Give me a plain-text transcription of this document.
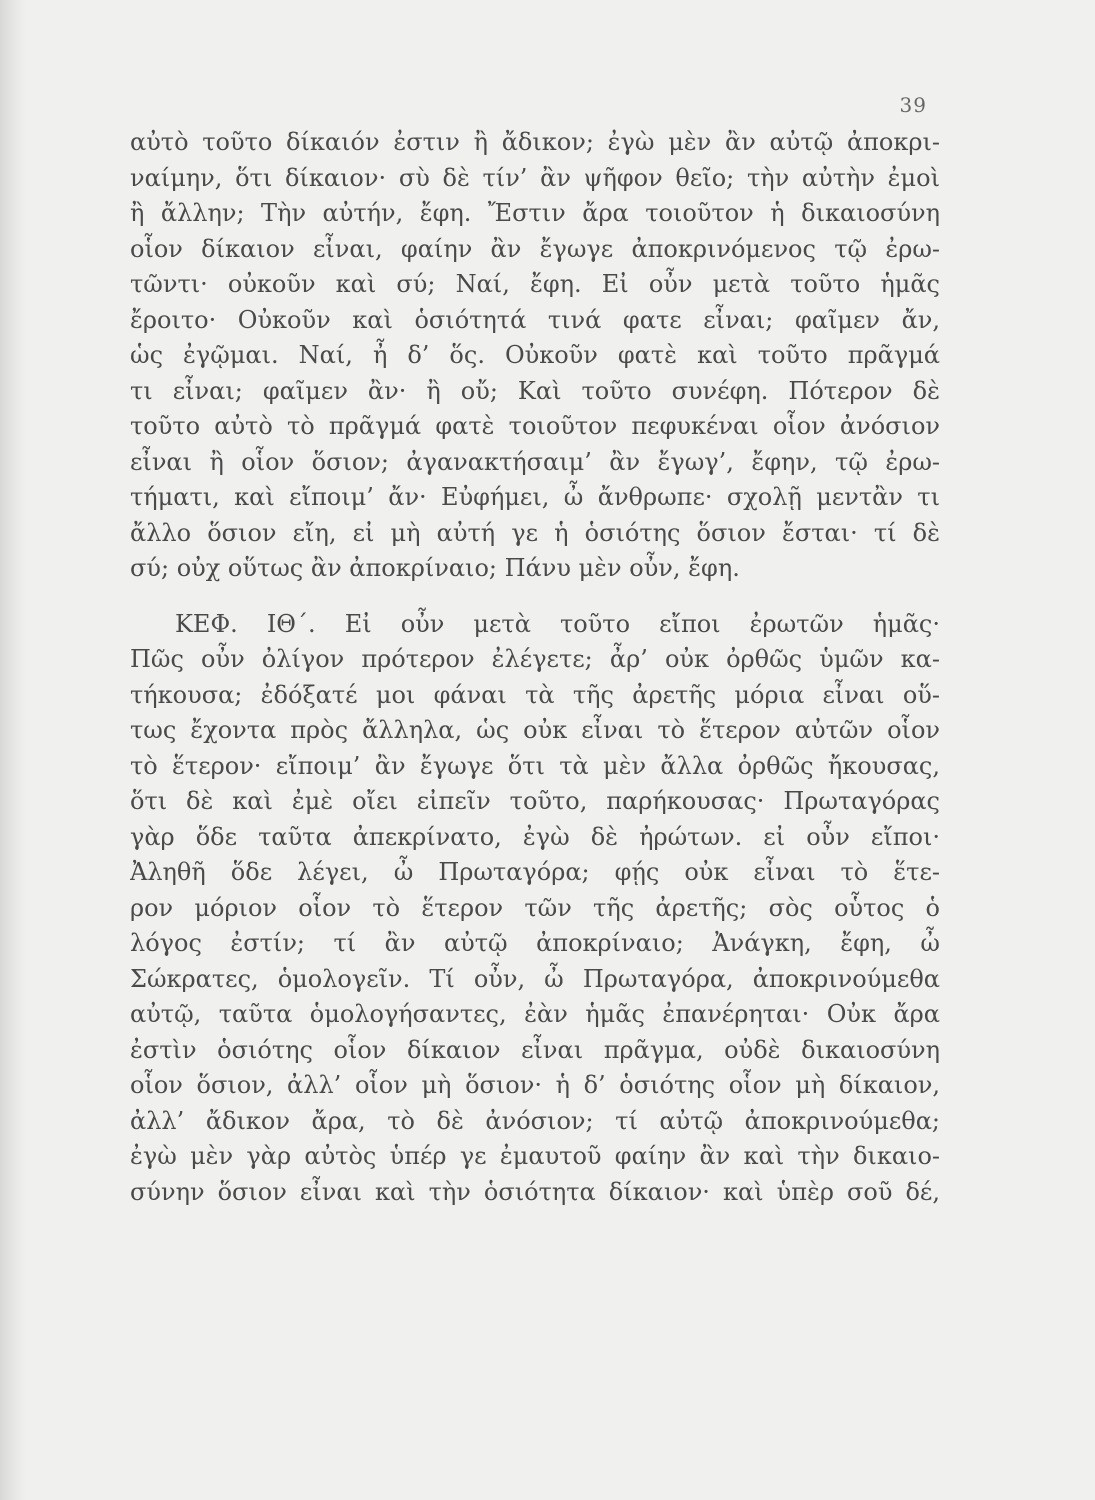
39
αὐτὸ τοῦτο δίκαιόν ἐστιν ἢ ἄδικον; ἐγὼ μὲν ἂν αὐτῷ ἀποκρι-
ναίμην, ὅτι δίκαιον· σὺ δὲ τίν’ ἂν ψῆφον θεῖο; τὴν αὐτὴν ἐμοὶ
ἢ ἄλλην; Τὴν αὐτήν, ἔφη. Ἔστιν ἄρα τοιοῦτον ἡ δικαιοσύνη
οἷον δίκαιον εἶναι, φαίην ἂν ἔγωγε ἀποκρινόμενος τῷ ἐρω-
τῶντι· οὐκοῦν καὶ σύ; Ναί, ἔφη. Εἰ οὖν μετὰ τοῦτο ἡμᾶς
ἔροιτο· Οὐκοῦν καὶ ὁσιότητά τινά φατε εἶναι; φαῖμεν ἄν,
ὡς ἐγῷμαι. Ναί, ἦ δ’ ὅς. Οὐκοῦν φατὲ καὶ τοῦτο πρᾶγμά
τι εἶναι; φαῖμεν ἂν· ἢ οὔ; Καὶ τοῦτο συνέφη. Πότερον δὲ
τοῦτο αὐτὸ τὸ πρᾶγμά φατὲ τοιοῦτον πεφυκέναι οἷον ἀνόσιον
εἶναι ἢ οἷον ὅσιον; ἀγανακτήσαιμ’ ἂν ἔγωγ’, ἔφην, τῷ ἐρω-
τήματι, καὶ εἴποιμ’ ἄν· Εὐφήμει, ὦ ἄνθρωπε· σχολῇ μεντἂν τι
ἄλλο ὅσιον εἴη, εἰ μὴ αὐτή γε ἡ ὁσιότης ὅσιον ἔσται· τί δὲ
σύ; οὐχ οὕτως ἂν ἀποκρίναιο; Πάνυ μὲν οὖν, ἔφη.
ΚΕΦ. ΙΘ΄. Εἰ οὖν μετὰ τοῦτο εἴποι ἐρωτῶν ἡμᾶς·
Πῶς οὖν ὀλίγον πρότερον ἐλέγετε; ἆρ’ οὐκ ὀρθῶς ὑμῶν κα-
τήκουσα; ἐδόξατέ μοι φάναι τὰ τῆς ἀρετῆς μόρια εἶναι οὕ-
τως ἔχοντα πρὸς ἄλληλα, ὡς οὐκ εἶναι τὸ ἕτερον αὐτῶν οἷον
τὸ ἕτερον· εἴποιμ’ ἂν ἔγωγε ὅτι τὰ μὲν ἄλλα ὀρθῶς ἤκουσας,
ὅτι δὲ καὶ ἐμὲ οἴει εἰπεῖν τοῦτο, παρήκουσας· Πρωταγόρας
γὰρ ὅδε ταῦτα ἀπεκρίνατο, ἐγὼ δὲ ἠρώτων. εἰ οὖν εἴποι·
Ἀληθῆ ὅδε λέγει, ὦ Πρωταγόρα; φῄς οὐκ εἶναι τὸ ἕτε-
ρον μόριον οἷον τὸ ἕτερον τῶν τῆς ἀρετῆς; σὸς οὗτος ὁ
λόγος ἐστίν; τί ἂν αὐτῷ ἀποκρίναιο; Ἀνάγκη, ἔφη, ὦ
Σώκρατες, ὁμολογεῖν. Τί οὖν, ὦ Πρωταγόρα, ἀποκρινούμεθα
αὐτῷ, ταῦτα ὁμολογήσαντες, ἐὰν ἡμᾶς ἐπανέρηται· Οὐκ ἄρα
ἐστὶν ὁσιότης οἷον δίκαιον εἶναι πρᾶγμα, οὐδὲ δικαιοσύνη
οἷον ὅσιον, ἀλλ’ οἷον μὴ ὅσιον· ἡ δ’ ὁσιότης οἷον μὴ δίκαιον,
ἀλλ’ ἄδικον ἄρα, τὸ δὲ ἀνόσιον; τί αὐτῷ ἀποκρινούμεθα;
ἐγὼ μὲν γὰρ αὐτὸς ὑπέρ γε ἐμαυτοῦ φαίην ἂν καὶ τὴν δικαιο-
σύνην ὅσιον εἶναι καὶ τὴν ὁσιότητα δίκαιον· καὶ ὑπὲρ σοῦ δέ,
